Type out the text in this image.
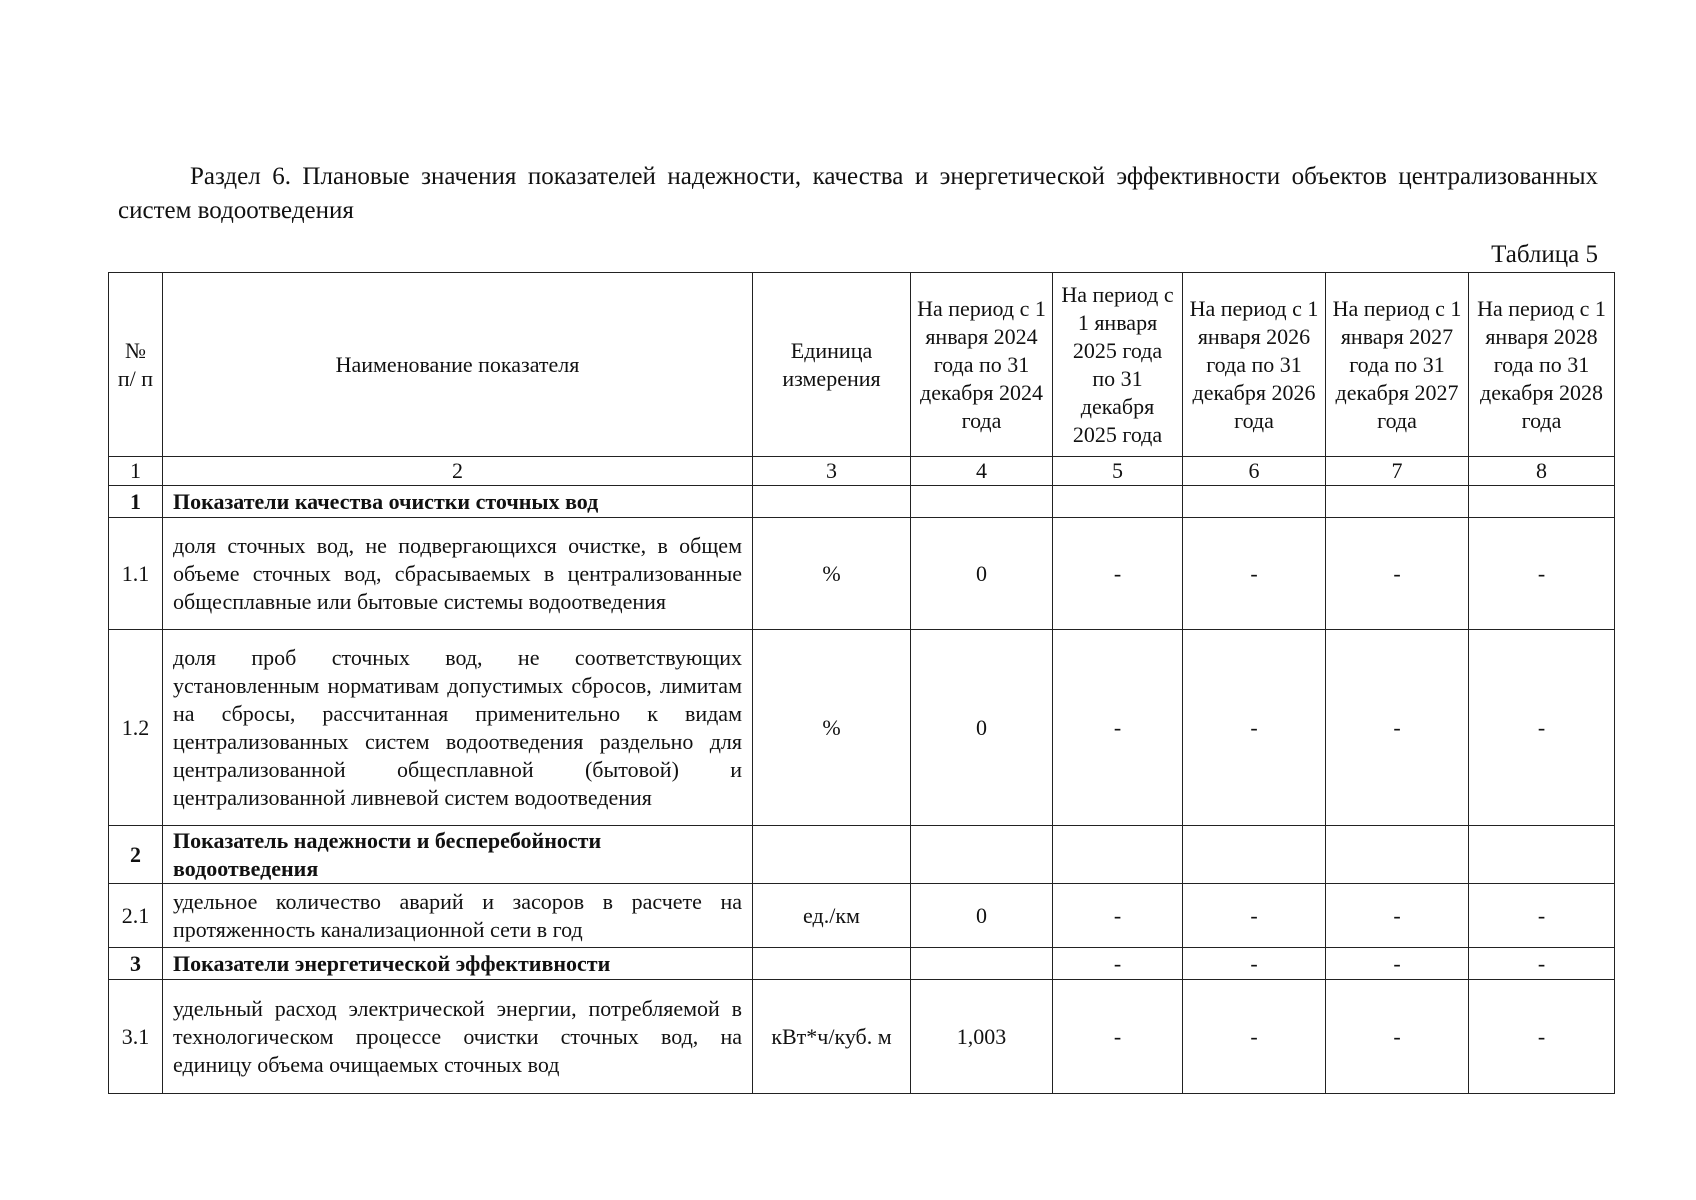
Раздел 6. Плановые значения показателей надежности, качества и энергетической эффективности объектов централизованных систем водоотведения
Таблица 5
№ п/ п	Наименование показателя	Единица измерения	На период с 1 января 2024 года по 31 декабря 2024 года	На период с 1 января 2025 года по 31 декабря 2025 года	На период с 1 января 2026 года по 31 декабря 2026 года	На период с 1 января 2027 года по 31 декабря 2027 года	На период с 1 января 2028 года по 31 декабря 2028 года
1	2	3	4	5	6	7	8
1	Показатели качества очистки сточных вод						
1.1	доля сточных вод, не подвергающихся очистке, в общем объеме сточных вод, сбрасываемых в централизованные общесплавные или бытовые системы водоотведения	%	0	-	-	-	-
1.2	доля проб сточных вод, не соответствующих установленным нормативам допустимых сбросов, лимитам на сбросы, рассчитанная применительно к видам централизованных систем водоотведения раздельно для централизованной общесплавной (бытовой) и централизованной ливневой систем водоотведения	%	0	-	-	-	-
2	Показатель надежности и бесперебойности водоотведения						
2.1	удельное количество аварий и засоров в расчете на протяженность канализационной сети в год	ед./км	0	-	-	-	-
3	Показатели энергетической эффективности			-	-	-	-
3.1	удельный расход электрической энергии, потребляемой в технологическом процессе очистки сточных вод, на единицу объема очищаемых сточных вод	кВт*ч/куб. м	1,003	-	-	-	-
